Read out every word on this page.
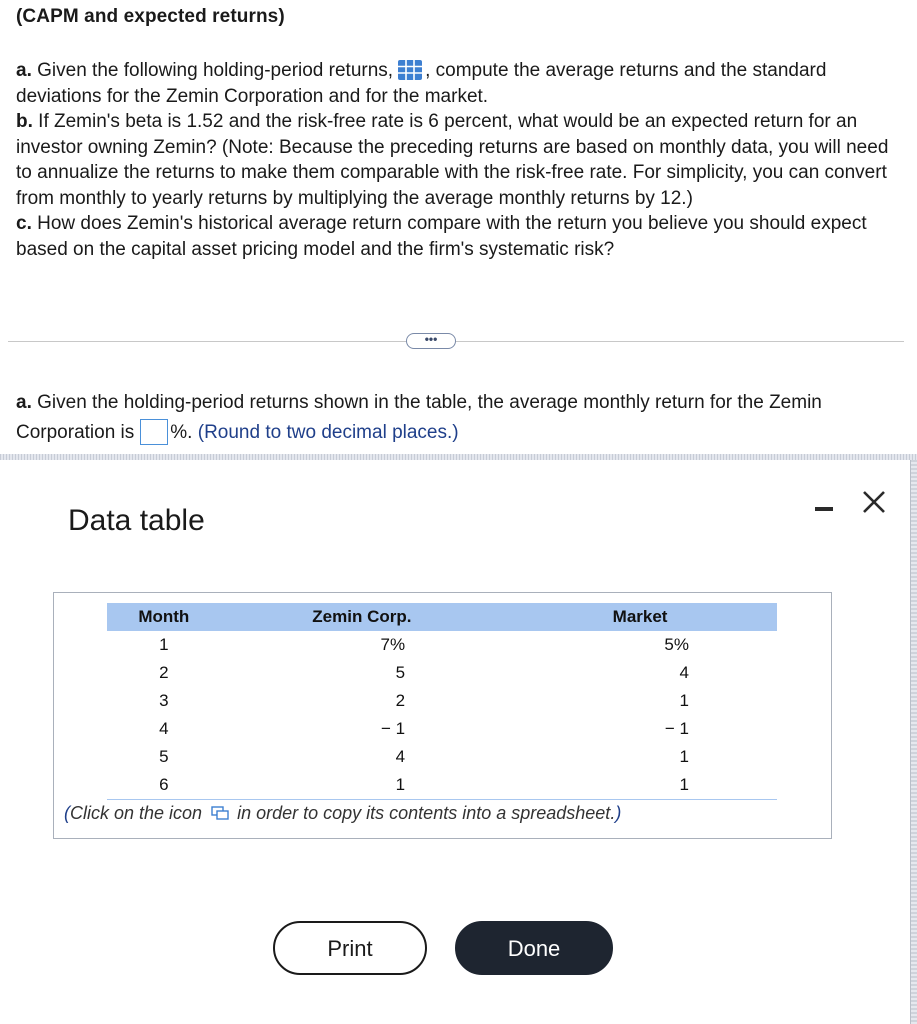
(CAPM and expected returns)

a. Given the following holding-period returns, , compute the average returns and the standard deviations for the Zemin Corporation and for the market.

b. If Zemin's beta is 1.52 and the risk-free rate is 6 percent, what would be an expected return for an investor owning Zemin? (Note: Because the preceding returns are based on monthly data, you will need to annualize the returns to make them comparable with the risk-free rate. For simplicity, you can convert from monthly to yearly returns by multiplying the average monthly returns by 12.)

c. How does Zemin's historical average return compare with the return you believe you should expect based on the capital asset pricing model and the firm's systematic risk?

•••
a. Given the holding-period returns shown in the table, the average monthly return for the Zemin Corporation is %. (Round to two decimal places.)
Data table
Month	Zemin Corp.	Market
1	7%	5%
2	5	4
3	2	1
4	− 1	− 1
5	4	1
6	1	1
(Click on the icon in order to copy its contents into a spreadsheet.)
Print	Done
